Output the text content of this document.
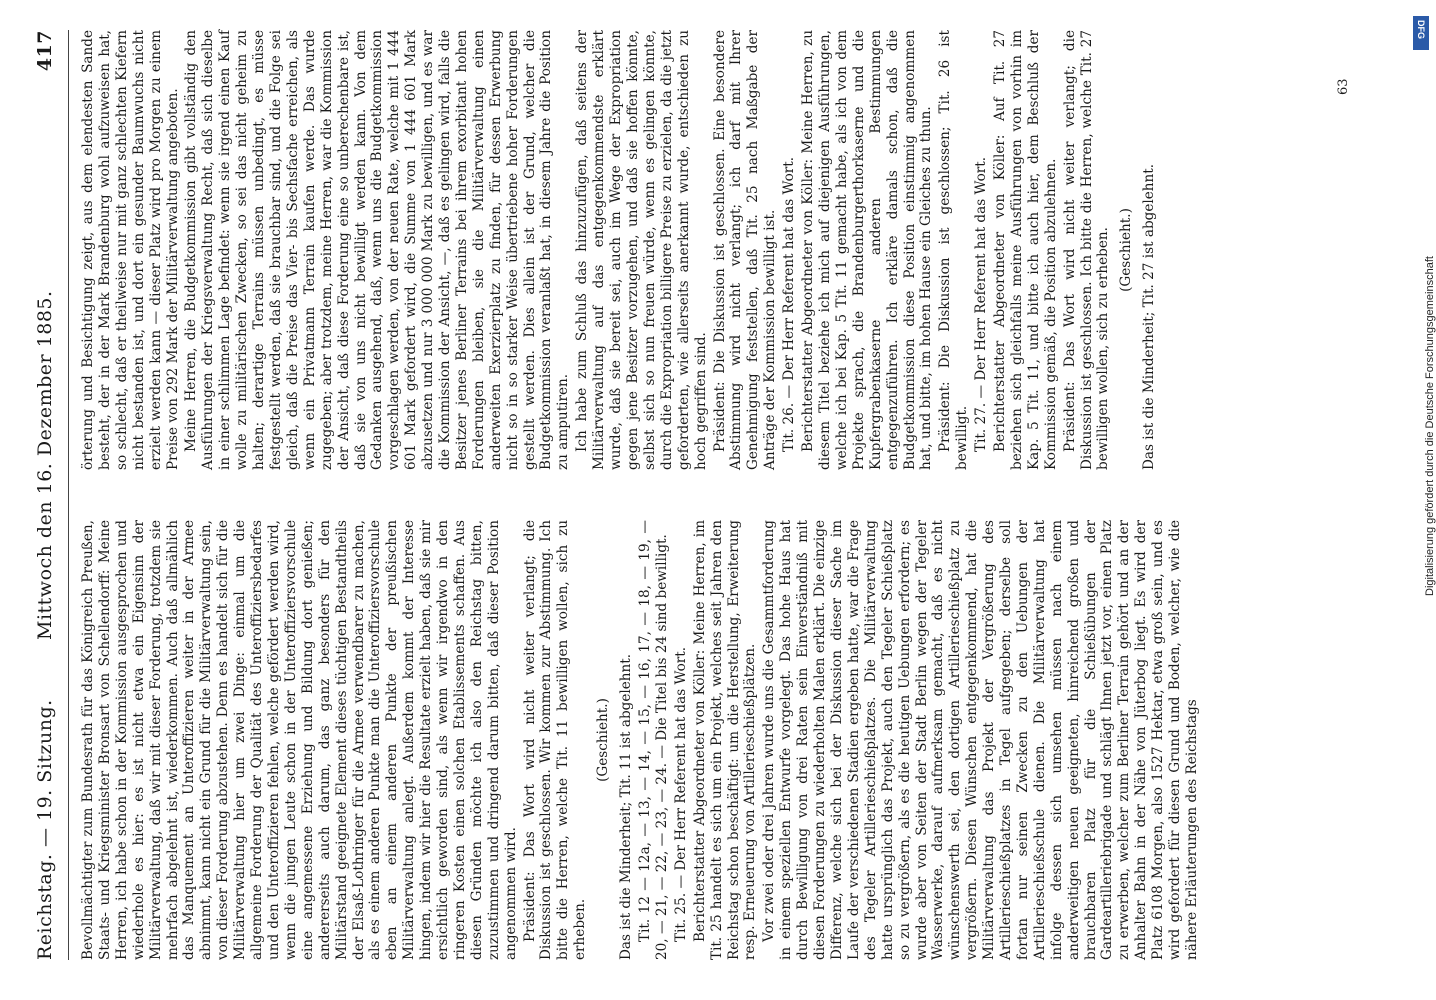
Reichstag. — 19. Sitzung.
Mittwoch den 16. Dezember 1885.
417

Bevollmächtigter zum Bundesrath für das Königreich Preußen, Staats- und Kriegsminister Bronsart von Schellendorff: Meine Herren, ich habe schon in der Kommission ausgesprochen und wiederhole es hier: es ist nicht etwa ein Eigensinn der Militärverwaltung, daß wir mit dieser Forderung, trotzdem sie mehrfach abgelehnt ist, wiederkommen. Auch daß allmählich das Manquement an Unteroffizieren weiter in der Armee abnimmt, kann nicht ein Grund für die Militärverwaltung sein, von dieser Forderung abzustehen. Denn es handelt sich für die Militärverwaltung hier um zwei Dinge: einmal um die allgemeine Forderung der Qualität des Unteroffiziersbedarfes und den Unteroffizieren fehlen, welche gefördert werden wird, wenn die jungen Leute schon in der Unteroffiziersvorschule eine angemessene Erziehung und Bildung dort genießen; andererseits auch darum, das ganz besonders für den Militärstand geeignete Element dieses tüchtigen Bestandtheils der Elsaß-Lothringer für die Armee verwendbarer zu machen, als es einem anderen Punkte man die Unteroffiziersvorschule eben an einem anderen Punkte der preußischen Militärverwaltung anlegt. Außerdem kommt der Interesse hingen, indem wir hier die Resultate erzielt haben, daß sie mir ersichtlich geworden sind, als wenn wir irgendwo in den ringeren Kosten einen solchen Etablissements schaffen. Aus diesen Gründen möchte ich also den Reichstag bitten, zuzustimmen und dringend darum bitten, daß dieser Position angenommen wird. Präsident: Das Wort wird nicht weiter verlangt; die Diskussion ist geschlossen. Wir kommen zur Abstimmung. Ich bitte die Herren, welche Tit. 11 bewilligen wollen, sich zu erheben.

(Geschieht.) Das ist die Minderheit; Tit. 11 ist abgelehnt. Tit. 12 — 12a, — 13, — 14, — 15, — 16, 17, — 18, — 19, — 20, — 21, — 22, — 23, — 24. — Die Titel bis 24 sind bewilligt. Tit. 25. — Der Herr Referent hat das Wort. Berichterstatter Abgeordneter von Köller: Meine Herren, im Tit. 25 handelt es sich um ein Projekt, welches seit Jahren den Reichstag schon beschäftigt: um die Herstellung, Erweiterung resp. Erneuerung von Artillerieschießplätzen. Vor zwei oder drei Jahren wurde uns die Gesammtforderung in einem speziellen Entwurfe vorgelegt. Das hohe Haus hat durch Bewilligung von drei Raten sein Einverständniß mit diesen Forderungen zu wiederholten Malen erklärt. Die einzige Differenz, welche sich bei der Diskussion dieser Sache im Laufe der verschiedenen Stadien ergeben hatte, war die Frage des Tegeler Artillerieschießplatzes. Die Militärverwaltung hatte ursprünglich das Projekt, auch den Tegeler Schießplatz so zu vergrößern, als es die heutigen Uebungen erfordern; es wurde aber von Seiten der Stadt Berlin wegen der Tegeler Wasserwerke, darauf aufmerksam gemacht, daß es nicht wünschenswerth sei, den dortigen Artillerieschießplatz zu vergrößern. Diesen Wünschen entgegenkommend, hat die Militärverwaltung das Projekt der Vergrößerung des Artillerieschießplatzes in Tegel aufgegeben; derselbe soll fortan nur seinen Zwecken zu den Uebungen der Artillerieschießschule dienen. Die Militärverwaltung hat infolge dessen sich umsehen müssen nach einem anderweitigen neuen geeigneten, hinreichend großen und brauchbaren Platz für die Schießübungen der Gardeartilleriebrigade und schlägt Ihnen jetzt vor, einen Platz zu erwerben, welcher zum Berliner Terrain gehört und an der Anhalter Bahn in der Nähe von Jüterbog liegt. Es wird der Platz 6108 Morgen, also 1527 Hektar, etwa groß sein, und es wird gefordert für diesen Grund und Boden, welcher, wie die nähere Erläuterungen des Reichstags

örterung und Besichtigung zeigt, aus dem elendesten Sande besteht, der in der Mark Brandenburg wohl aufzuweisen hat, so schlecht, daß er theilweise nur mit ganz schlechten Kiefern nicht bestanden ist, und dort ein gesunder Baumwuchs nicht erzielt werden kann — dieser Platz wird pro Morgen zu einem Preise von 292 Mark der Militärverwaltung angeboten. Meine Herren, die Budgetkommission gibt vollständig den Ausführungen der Kriegsverwaltung Recht, daß sich dieselbe in einer schlimmen Lage befindet: wenn sie irgend einen Kauf wolle zu militärischen Zwecken, so sei das nicht geheim zu halten; derartige Terrains müssen unbedingt, es müsse festgestellt werden, daß sie brauchbar sind, und die Folge sei gleich, daß die Preise das Vier- bis Sechsfache erreichen, als wenn ein Privatmann Terrain kaufen werde. Das wurde zugegeben; aber trotzdem, meine Herren, war die Kommission der Ansicht, daß diese Forderung eine so unberechenbare ist, daß sie von uns nicht bewilligt werden kann. Von dem Gedanken ausgehend, daß, wenn uns die Budgetkommission vorgeschlagen werden, von der neuen Rate, welche mit 1 444 601 Mark gefordert wird, die Summe von 1 444 601 Mark abzusetzen und nur 3 000 000 Mark zu bewilligen, und es war die Kommission der Ansicht, —, daß es gelingen wird, falls die Besitzer jenes Berliner Terrains bei ihrem exorbitant hohen Forderungen bleiben, sie die Militärverwaltung einen anderweiten Exerzierplatz zu finden, für dessen Erwerbung nicht so in so starker Weise übertriebene hoher Forderungen gestellt werden. Dies allein ist der Grund, welcher die Budgetkommission veranlaßt hat, in diesem Jahre die Position zu amputiren. Ich habe zum Schluß das hinzuzufügen, daß seitens der Militärverwaltung auf das entgegenkommendste erklärt wurde, daß sie bereit sei, auch im Wege der Expropriation gegen jene Besitzer vorzugehen, und daß sie hoffen könnte, selbst sich so nun freuen würde, wenn es gelingen könnte, durch die Expropriation billigere Preise zu erzielen, da die jetzt geforderten, wie allerseits anerkannt wurde, entschieden zu hoch gegriffen sind. Präsident: Die Diskussion ist geschlossen. Eine besondere Abstimmung wird nicht verlangt; ich darf mit Ihrer Genehmigung feststellen, daß Tit. 25 nach Maßgabe der Anträge der Kommission bewilligt ist. Tit. 26. — Der Herr Referent hat das Wort. Berichterstatter Abgeordneter von Köller: Meine Herren, zu diesem Titel beziehe ich mich auf diejenigen Ausführungen, welche ich bei Kap. 5 Tit. 11 gemacht habe, als ich von dem Projekte sprach, die Brandenburgerthorkaserne und die Kupfergrabenkaserne anderen Bestimmungen entgegenzuführen. Ich erkläre damals schon, daß die Budgetkommission diese Position einstimmig angenommen hat, und bitte, im hohen Hause ein Gleiches zu thun. Präsident: Die Diskussion ist geschlossen; Tit. 26 ist bewilligt. Tit. 27. — Der Herr Referent hat das Wort. Berichterstatter Abgeordneter von Köller: Auf Tit. 27 beziehen sich gleichfalls meine Ausführungen von vorhin im Kap. 5 Tit. 11, und bitte ich auch hier, dem Beschluß der Kommission gemäß, die Position abzulehnen. Präsident: Das Wort wird nicht weiter verlangt; die Diskussion ist geschlossen. Ich bitte die Herren, welche Tit. 27 bewilligen wollen, sich zu erheben. (Geschieht.) Das ist die Minderheit; Tit. 27 ist abgelehnt.

63
Digitalisierung gefördert durch die Deutsche Forschungsgemeinschaft
DFG
